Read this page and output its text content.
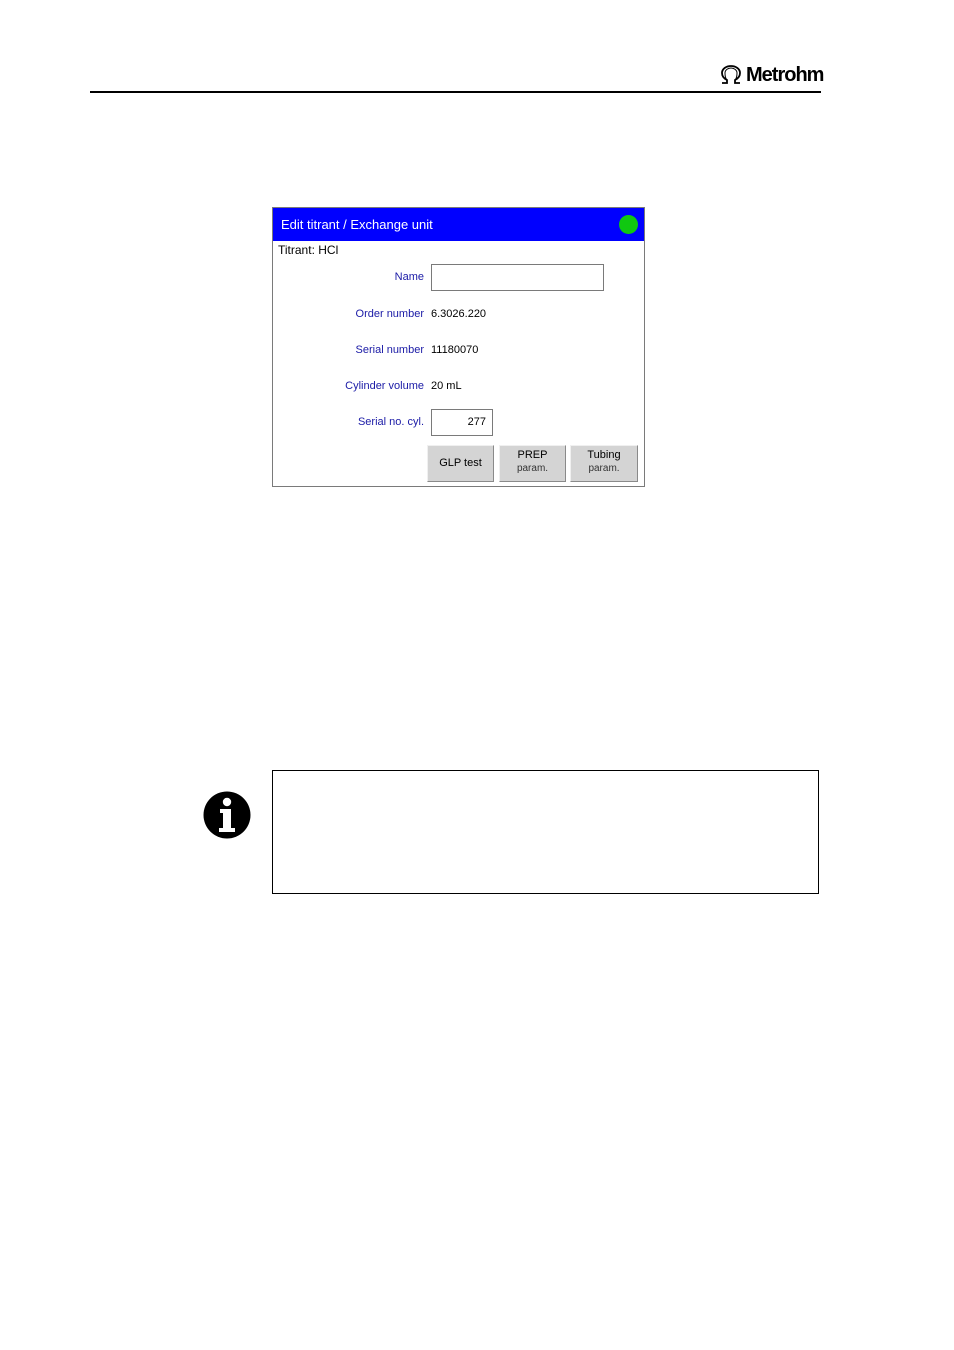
Metrohm
Edit titrant / Exchange unit
Titrant: HCl
Name
Order number 6.3026.220
Serial number 11180070
Cylinder volume 20 mL
Serial no. cyl.	277
GLP test
PREP
param.
Tubing
param.
